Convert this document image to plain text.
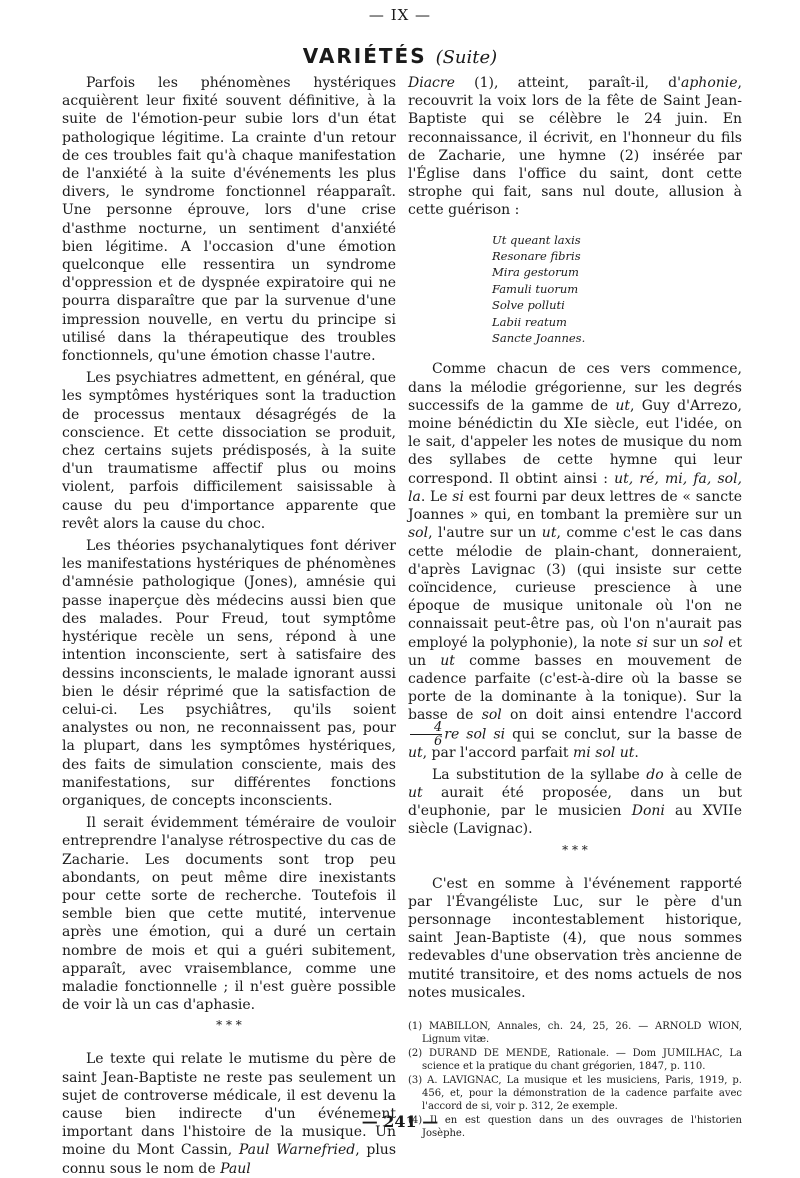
— IX —
VARIÉTÉS (Suite)

Parfois les phénomènes hystériques acquièrent leur fixité souvent définitive, à la suite de l'émotion-peur subie lors d'un état pathologique légitime. La crainte d'un retour de ces troubles fait qu'à chaque manifestation de l'anxiété à la suite d'événements les plus divers, le syndrome fonctionnel réapparaît. Une personne éprouve, lors d'une crise d'asthme nocturne, un sentiment d'anxiété bien légitime. A l'occasion d'une émotion quelconque elle ressentira un syndrome d'oppression et de dyspnée expiratoire qui ne pourra disparaître que par la survenue d'une impression nouvelle, en vertu du principe si utilisé dans la thérapeutique des troubles fonctionnels, qu'une émotion chasse l'autre.

Les psychiatres admettent, en général, que les symptômes hystériques sont la traduction de processus mentaux désagrégés de la conscience. Et cette dissociation se produit, chez certains sujets prédisposés, à la suite d'un traumatisme affectif plus ou moins violent, parfois difficilement saisissable à cause du peu d'importance apparente que revêt alors la cause du choc.

Les théories psychanalytiques font dériver les manifestations hystériques de phénomènes d'amnésie pathologique (Jones), amnésie qui passe inaperçue dès médecins aussi bien que des malades. Pour Freud, tout symptôme hystérique recèle un sens, répond à une intention inconsciente, sert à satisfaire des dessins inconscients, le malade ignorant aussi bien le désir réprimé que la satisfaction de celui-ci. Les psychiâtres, qu'ils soient analystes ou non, ne reconnaissent pas, pour la plupart, dans les symptômes hystériques, des faits de simulation consciente, mais des manifestations, sur différentes fonctions organiques, de concepts inconscients.

Il serait évidemment téméraire de vouloir entreprendre l'analyse rétrospective du cas de Zacharie. Les documents sont trop peu abondants, on peut même dire inexistants pour cette sorte de recherche. Toutefois il semble bien que cette mutité, intervenue après une émotion, qui a duré un certain nombre de mois et qui a guéri subitement, apparaît, avec vraisemblance, comme une maladie fonctionnelle ; il n'est guère possible de voir là un cas d'aphasie.

* * *

Le texte qui relate le mutisme du père de saint Jean-Baptiste ne reste pas seulement un sujet de controverse médicale, il est devenu la cause bien indirecte d'un événement important dans l'histoire de la musique. Un moine du Mont Cassin, Paul Warnefried, plus connu sous le nom de Paul

Diacre (1), atteint, paraît-il, d'aphonie, recouvrit la voix lors de la fête de Saint Jean-Baptiste qui se célèbre le 24 juin. En reconnaissance, il écrivit, en l'honneur du fils de Zacharie, une hymne (2) insérée par l'Église dans l'office du saint, dont cette strophe qui fait, sans nul doute, allusion à cette guérison :

Ut queant laxis
Resonare fibris
Mira gestorum
Famuli tuorum
Solve polluti
Labii reatum
Sancte Joannes.

Comme chacun de ces vers commence, dans la mélodie grégorienne, sur les degrés successifs de la gamme de ut, Guy d'Arrezo, moine bénédictin du XIe siècle, eut l'idée, on le sait, d'appeler les notes de musique du nom des syllabes de cette hymne qui leur correspond. Il obtint ainsi : ut, ré, mi, fa, sol, la. Le si est fourni par deux lettres de « sancte Joannes » qui, en tombant la première sur un sol, l'autre sur un ut, comme c'est le cas dans cette mélodie de plain-chant, donneraient, d'après Lavignac (3) (qui insiste sur cette coïncidence, curieuse prescience à une époque de musique unitonale où l'on ne connaissait peut-être pas, où l'on n'aurait pas employé la polyphonie), la note si sur un sol et un ut comme basses en mouvement de cadence parfaite (c'est-à-dire où la basse se porte de la dominante à la tonique). Sur la basse de sol on doit ainsi entendre l'accord
$\frac{4}{6}$ re sol si qui se conclut, sur la basse de ut, par l'accord parfait mi sol ut.

La substitution de la syllabe do à celle de ut aurait été proposée, dans un but d'euphonie, par le musicien Doni au XVIIe siècle (Lavignac).

* * *

C'est en somme à l'événement rapporté par l'Évangéliste Luc, sur le père d'un personnage incontestablement historique, saint Jean-Baptiste (4), que nous sommes redevables d'une observation très ancienne de mutité transitoire, et des noms actuels de nos notes musicales.

(1) MABILLON, Annales, ch. 24, 25, 26. — ARNOLD WION, Lignum vitæ.

(2) DURAND DE MENDE, Rationale. — Dom JUMILHAC, La science et la pratique du chant grégorien, 1847, p. 110.

(3) A. LAVIGNAC, La musique et les musiciens, Paris, 1919, p. 456, et, pour la démonstration de la cadence parfaite avec l'accord de si, voir p. 312, 2e exemple.

(4) Il en est question dans un des ouvrages de l'historien Josèphe.

— 241 —
